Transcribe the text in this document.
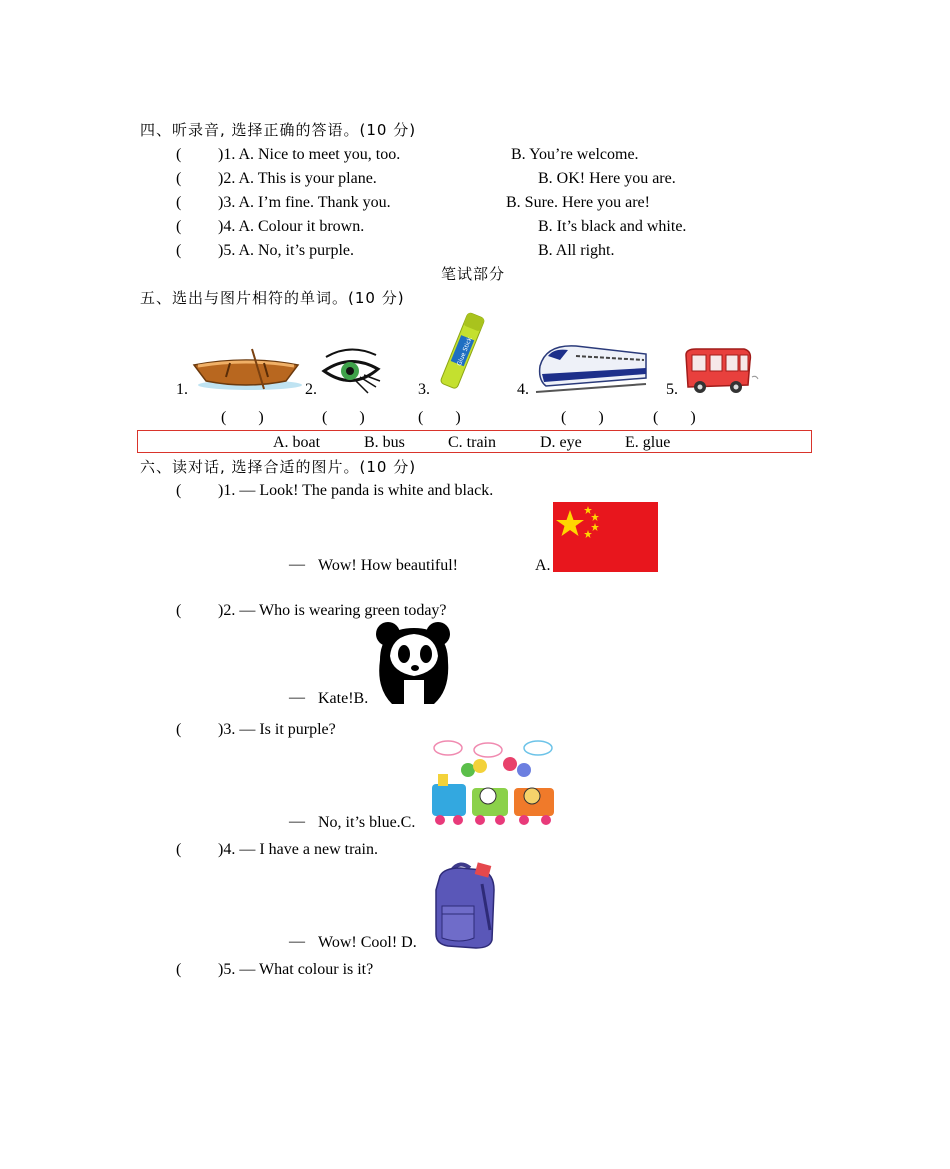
四、听录音, 选择正确的答语。(10 分)
( )1. A. Nice to meet you, too.	B. You’re welcome.
( )2. A. This is your plane.	B. OK! Here you are.
( )3. A. I’m fine. Thank you.	B. Sure. Here you are!
( )4. A. Colour it brown.	B. It’s black and white.
( )5. A. No, it’s purple.	B. All right.
笔试部分
五、选出与图片相符的单词。(10 分)
1.	2.	3.	4.	5.
Glue Stick
(        )	(        )	(        )	(        )	(        )
A. boat	B. bus	C. train	D. eye	E. glue
六、读对话, 选择合适的图片。(10 分)
( )1. — Look! The panda is white and black.
— Wow! How beautiful!	A.
( )2. — Who is wearing green today?
— Kate!B.
( )3. — Is it purple?
— No, it’s blue.C.
( )4. — I have a new train.
— Wow! Cool! D.
( )5. — What colour is it?
